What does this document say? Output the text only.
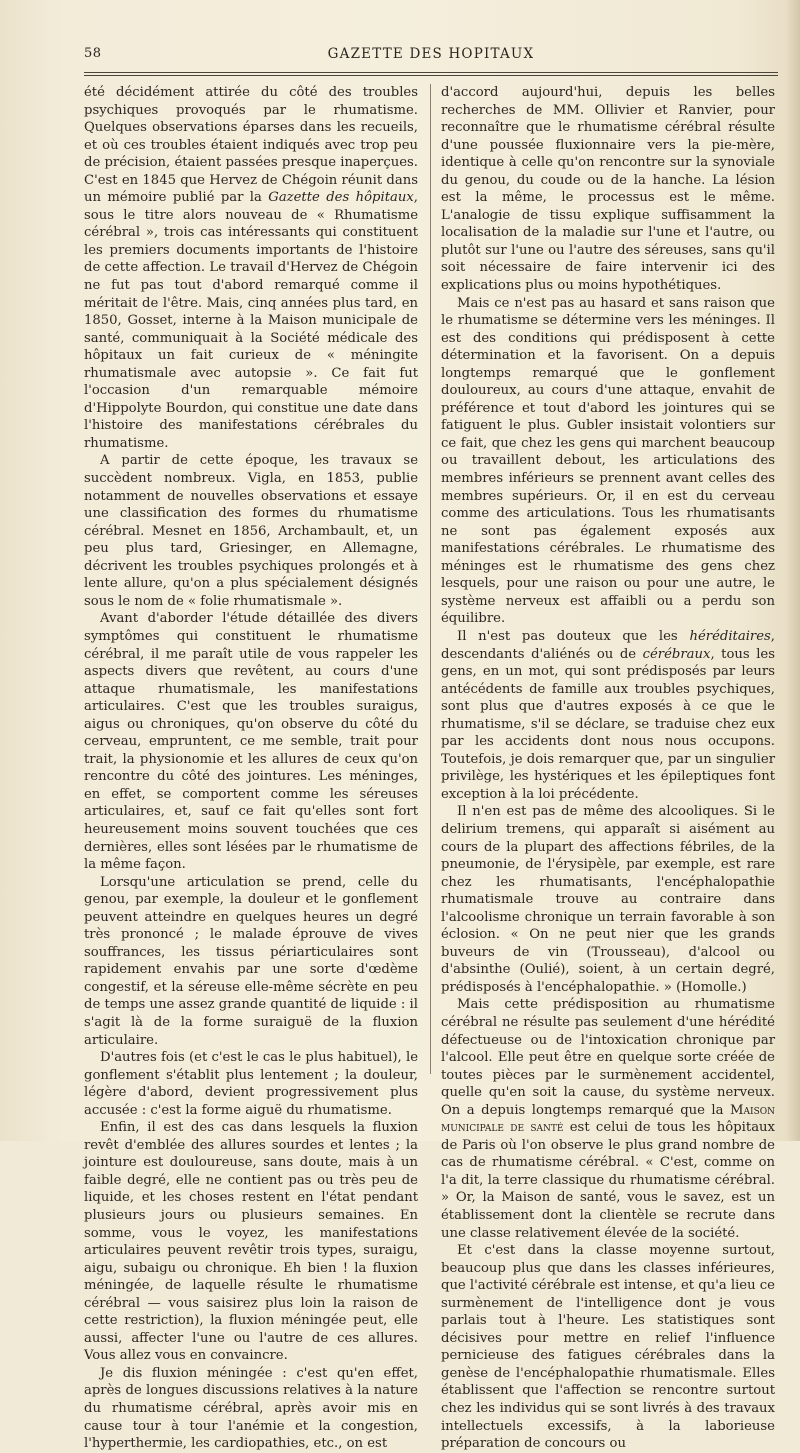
58	GAZETTE DES HOPITAUX

été décidément attirée du côté des troubles psychiques provoqués par le rhumatisme. Quelques observations éparses dans les recueils, et où ces troubles étaient indiqués avec trop peu de précision, étaient passées presque inaperçues. C'est en 1845 que Hervez de Chégoin réunit dans un mémoire publié par la Gazette des hôpitaux, sous le titre alors nouveau de « Rhumatisme cérébral », trois cas intéressants qui constituent les premiers documents importants de l'histoire de cette affection. Le travail d'Hervez de Chégoin ne fut pas tout d'abord remarqué comme il méritait de l'être. Mais, cinq années plus tard, en 1850, Gosset, interne à la Maison municipale de santé, communiquait à la Société médicale des hôpitaux un fait curieux de « méningite rhumatismale avec autopsie ». Ce fait fut l'occasion d'un remarquable mémoire d'Hippolyte Bourdon, qui constitue une date dans l'histoire des manifestations cérébrales du rhumatisme.

A partir de cette époque, les travaux se succèdent nombreux. Vigla, en 1853, publie notamment de nouvelles observations et essaye une classification des formes du rhumatisme cérébral. Mesnet en 1856, Archambault, et, un peu plus tard, Griesinger, en Allemagne, décrivent les troubles psychiques prolongés et à lente allure, qu'on a plus spécialement désignés sous le nom de « folie rhumatismale ».

Avant d'aborder l'étude détaillée des divers symptômes qui constituent le rhumatisme cérébral, il me paraît utile de vous rappeler les aspects divers que revêtent, au cours d'une attaque rhumatismale, les manifestations articulaires. C'est que les troubles suraigus, aigus ou chroniques, qu'on observe du côté du cerveau, empruntent, ce me semble, trait pour trait, la physionomie et les allures de ceux qu'on rencontre du côté des jointures. Les méninges, en effet, se comportent comme les séreuses articulaires, et, sauf ce fait qu'elles sont fort heureusement moins souvent touchées que ces dernières, elles sont lésées par le rhumatisme de la même façon.

Lorsqu'une articulation se prend, celle du genou, par exemple, la douleur et le gonflement peuvent atteindre en quelques heures un degré très prononcé ; le malade éprouve de vives souffrances, les tissus périarticulaires sont rapidement envahis par une sorte d'œdème congestif, et la séreuse elle-même sécrète en peu de temps une assez grande quantité de liquide : il s'agit là de la forme suraiguë de la fluxion articulaire.

D'autres fois (et c'est le cas le plus habituel), le gonflement s'établit plus lentement ; la douleur, légère d'abord, devient progressivement plus accusée : c'est la forme aiguë du rhumatisme.

Enfin, il est des cas dans lesquels la fluxion revêt d'emblée des allures sourdes et lentes ; la jointure est douloureuse, sans doute, mais à un faible degré, elle ne contient pas ou très peu de liquide, et les choses restent en l'état pendant plusieurs jours ou plusieurs semaines. En somme, vous le voyez, les manifestations articulaires peuvent revêtir trois types, suraigu, aigu, subaigu ou chronique. Eh bien ! la fluxion méningée, de laquelle résulte le rhumatisme cérébral — vous saisirez plus loin la raison de cette restriction), la fluxion méningée peut, elle aussi, affecter l'une ou l'autre de ces allures. Vous allez vous en convaincre.

Je dis fluxion méningée : c'est qu'en effet, après de longues discussions relatives à la nature du rhumatisme cérébral, après avoir mis en cause tour à tour l'anémie et la congestion, l'hyperthermie, les cardiopathies, etc., on est

d'accord aujourd'hui, depuis les belles recherches de MM. Ollivier et Ranvier, pour reconnaître que le rhumatisme cérébral résulte d'une poussée fluxionnaire vers la pie-mère, identique à celle qu'on rencontre sur la synoviale du genou, du coude ou de la hanche. La lésion est la même, le processus est le même. L'analogie de tissu explique suffisamment la localisation de la maladie sur l'une et l'autre, ou plutôt sur l'une ou l'autre des séreuses, sans qu'il soit nécessaire de faire intervenir ici des explications plus ou moins hypothétiques.

Mais ce n'est pas au hasard et sans raison que le rhumatisme se détermine vers les méninges. Il est des conditions qui prédisposent à cette détermination et la favorisent. On a depuis longtemps remarqué que le gonflement douloureux, au cours d'une attaque, envahit de préférence et tout d'abord les jointures qui se fatiguent le plus. Gubler insistait volontiers sur ce fait, que chez les gens qui marchent beaucoup ou travaillent debout, les articulations des membres inférieurs se prennent avant celles des membres supérieurs. Or, il en est du cerveau comme des articulations. Tous les rhumatisants ne sont pas également exposés aux manifestations cérébrales. Le rhumatisme des méninges est le rhumatisme des gens chez lesquels, pour une raison ou pour une autre, le système nerveux est affaibli ou a perdu son équilibre.

Il n'est pas douteux que les héréditaires, descendants d'aliénés ou de cérébraux, tous les gens, en un mot, qui sont prédisposés par leurs antécédents de famille aux troubles psychiques, sont plus que d'autres exposés à ce que le rhumatisme, s'il se déclare, se traduise chez eux par les accidents dont nous nous occupons. Toutefois, je dois remarquer que, par un singulier privilège, les hystériques et les épileptiques font exception à la loi précédente.

Il n'en est pas de même des alcooliques. Si le delirium tremens, qui apparaît si aisément au cours de la plupart des affections fébriles, de la pneumonie, de l'érysipèle, par exemple, est rare chez les rhumatisants, l'encéphalopathie rhumatismale trouve au contraire dans l'alcoolisme chronique un terrain favorable à son éclosion. « On ne peut nier que les grands buveurs de vin (Trousseau), d'alcool ou d'absinthe (Oulié), soient, à un certain degré, prédisposés à l'encéphalopathie. » (Homolle.)

Mais cette prédisposition au rhumatisme cérébral ne résulte pas seulement d'une hérédité défectueuse ou de l'intoxication chronique par l'alcool. Elle peut être en quelque sorte créée de toutes pièces par le surmènement accidentel, quelle qu'en soit la cause, du système nerveux. On a depuis longtemps remarqué que la Maison municipale de santé est celui de tous les hôpitaux de Paris où l'on observe le plus grand nombre de cas de rhumatisme cérébral. « C'est, comme on l'a dit, la terre classique du rhumatisme cérébral. » Or, la Maison de santé, vous le savez, est un établissement dont la clientèle se recrute dans une classe relativement élevée de la société.

Et c'est dans la classe moyenne surtout, beaucoup plus que dans les classes inférieures, que l'activité cérébrale est intense, et qu'a lieu ce surmènement de l'intelligence dont je vous parlais tout à l'heure. Les statistiques sont décisives pour mettre en relief l'influence pernicieuse des fatigues cérébrales dans la genèse de l'encéphalopathie rhumatismale. Elles établissent que l'affection se rencontre surtout chez les individus qui se sont livrés à des travaux intellectuels excessifs, à la laborieuse préparation de concours ou
